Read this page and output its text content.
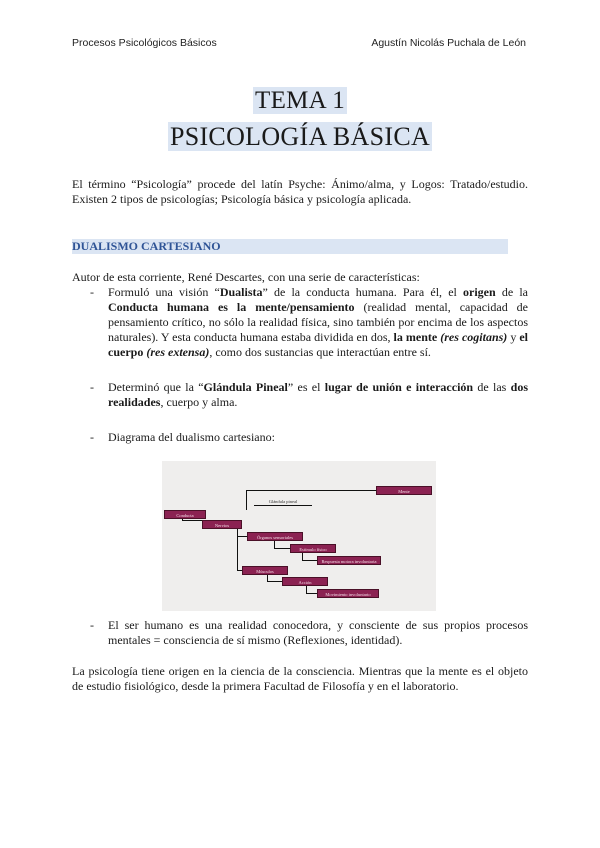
Procesos Psicológicos Básicos	Agustín Nicolás Puchala de León
TEMA 1
PSICOLOGÍA BÁSICA
El término “Psicología” procede del latín Psyche: Ánimo/alma, y Logos: Tratado/estudio. Existen 2 tipos de psicologías; Psicología básica y psicología aplicada.
DUALISMO CARTESIANO
Autor de esta corriente, René Descartes, con una serie de características:
- Formuló una visión “Dualista” de la conducta humana. Para él, el origen de la Conducta humana es la mente/pensamiento (realidad mental, capacidad de pensamiento crítico, no sólo la realidad física, sino también por encima de los aspectos naturales). Y esta conducta humana estaba dividida en dos, la mente (res cogitans) y el cuerpo (res extensa), como dos sustancias que interactúan entre sí.
- Determinó que la “Glándula Pineal” es el lugar de unión e interacción de las dos realidades, cuerpo y alma.
- Diagrama del dualismo cartesiano:
Mente
Glándula pineal
Conducta
Nervios
Órganos sensoriales
Estímulo físico
Respuesta motora involuntaria
Músculos
Acción
Movimiento involuntario
- El ser humano es una realidad conocedora, y consciente de sus propios procesos mentales = consciencia de sí mismo (Reflexiones, identidad).
La psicología tiene origen en la ciencia de la consciencia. Mientras que la mente es el objeto de estudio fisiológico, desde la primera Facultad de Filosofía y en el laboratorio.
